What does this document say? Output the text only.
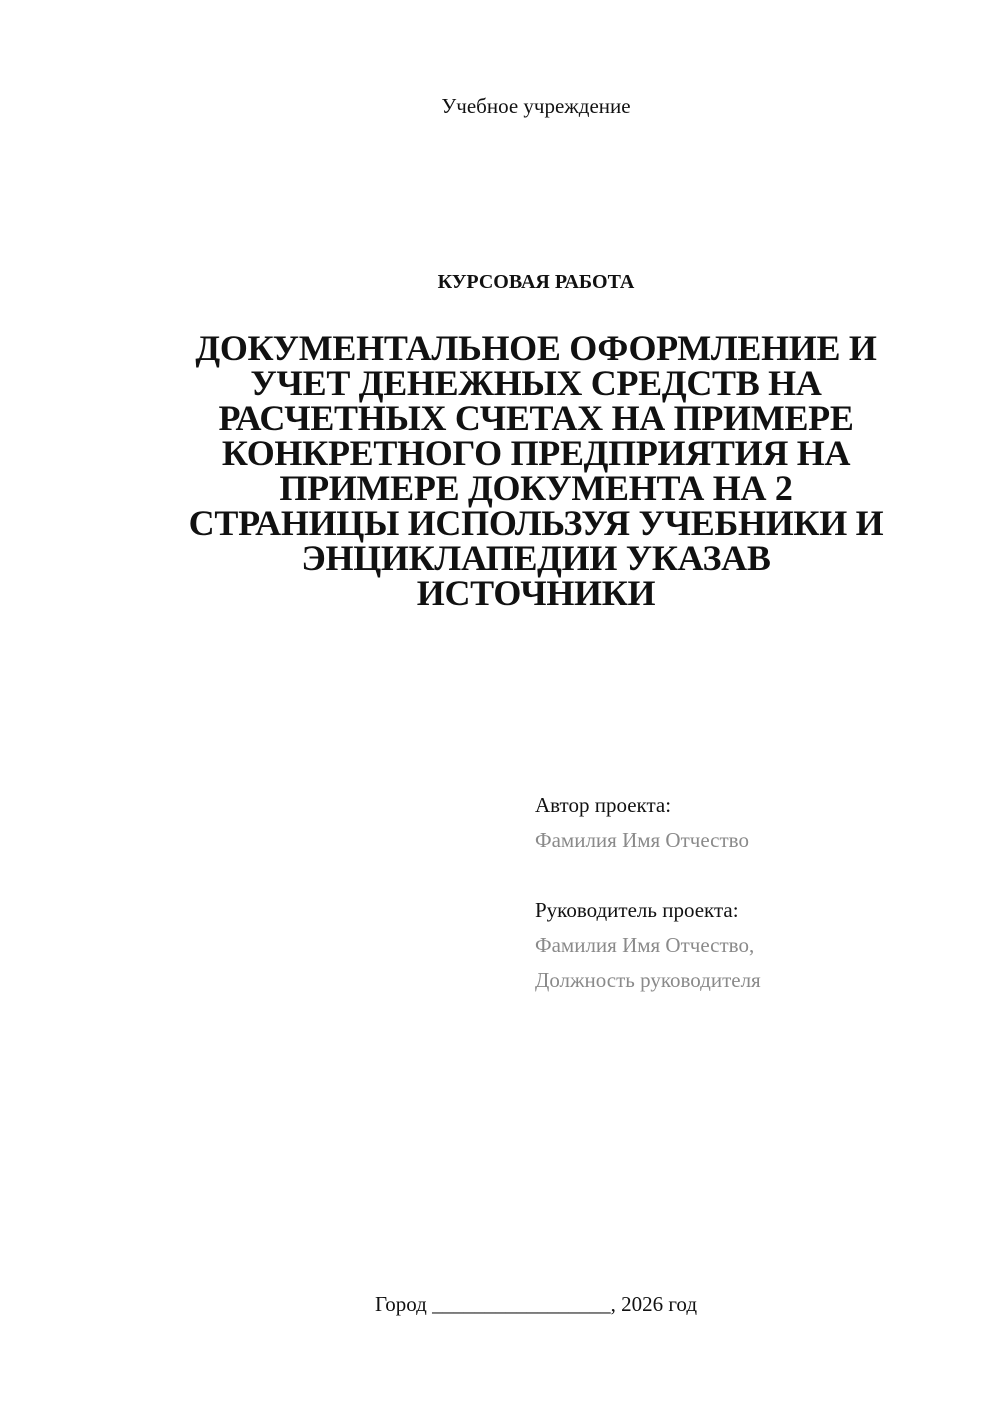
Учебное учреждение
КУРСОВАЯ РАБОТА
ДОКУМЕНТАЛЬНОЕ ОФОРМЛЕНИЕ И
УЧЕТ ДЕНЕЖНЫХ СРЕДСТВ НА
РАСЧЕТНЫХ СЧЕТАХ НА ПРИМЕРЕ
КОНКРЕТНОГО ПРЕДПРИЯТИЯ НА
ПРИМЕРЕ ДОКУМЕНТА НА 2
СТРАНИЦЫ ИСПОЛЬЗУЯ УЧЕБНИКИ И
ЭНЦИКЛАПЕДИИ УКАЗАВ
ИСТОЧНИКИ
Автор проекта:
Фамилия Имя Отчество
Руководитель проекта:
Фамилия Имя Отчество,
Должность руководителя
Город _________________, 2026 год
